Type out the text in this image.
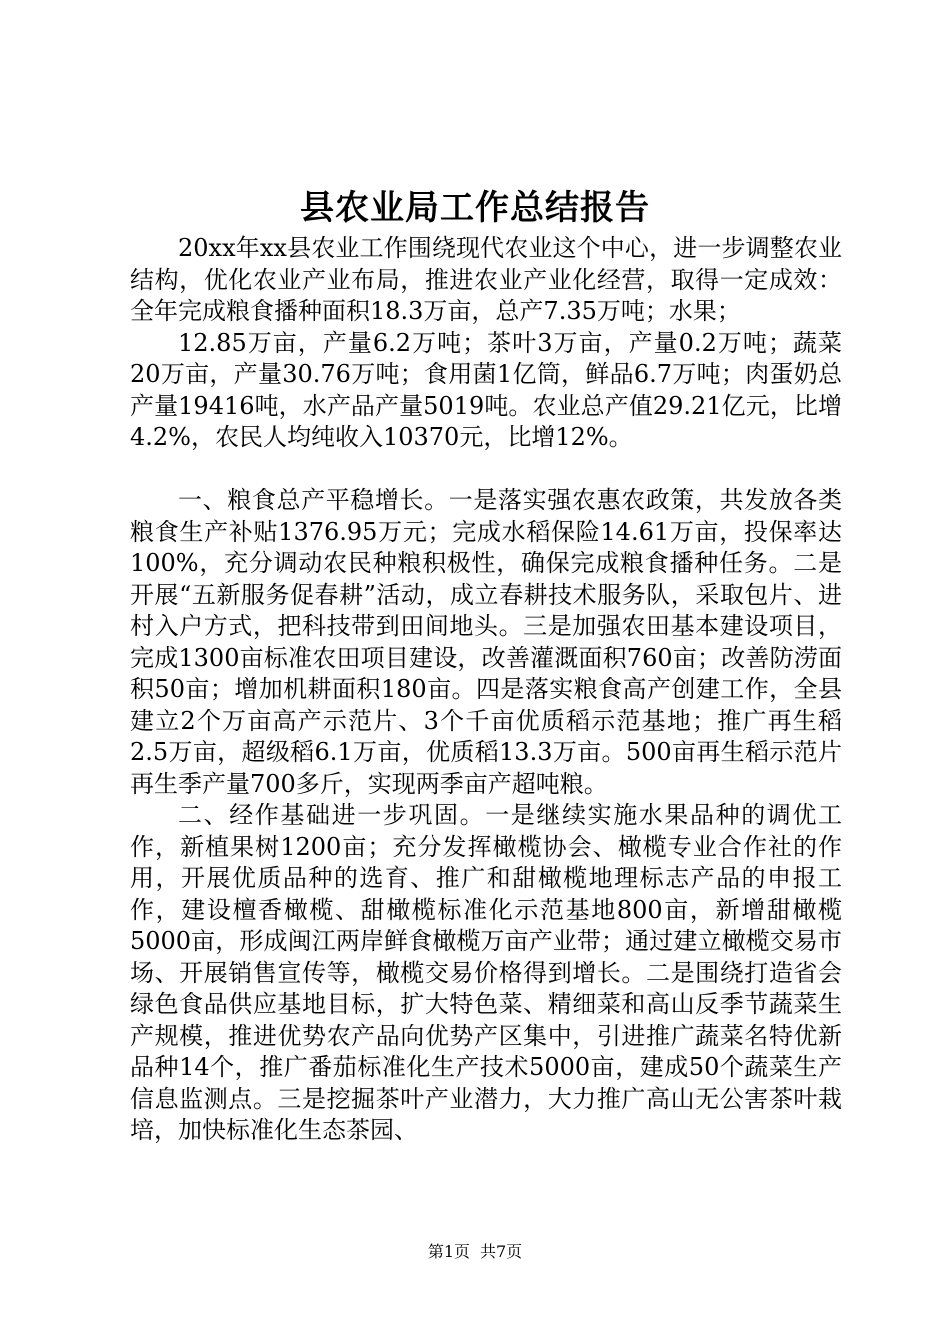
县农业局工作总结报告

20xx年xx县农业工作围绕现代农业这个中心，进一步调整农业结构，优化农业产业布局，推进农业产业化经营，取得一定成效：全年完成粮食播种面积18.3万亩，总产7.35万吨；水果；

12.85万亩，产量6.2万吨；茶叶3万亩，产量0.2万吨；蔬菜20万亩，产量30.76万吨；食用菌1亿筒，鲜品6.7万吨；肉蛋奶总产量19416吨，水产品产量5019吨。农业总产值29.21亿元，比增4.2%，农民人均纯收入10370元，比增12%。

一、粮食总产平稳增长。一是落实强农惠农政策，共发放各类粮食生产补贴1376.95万元；完成水稻保险14.61万亩，投保率达100%，充分调动农民种粮积极性，确保完成粮食播种任务。二是开展“五新服务促春耕”活动，成立春耕技术服务队，采取包片、进村入户方式，把科技带到田间地头。三是加强农田基本建设项目，完成1300亩标准农田项目建设，改善灌溉面积760亩；改善防涝面积50亩；增加机耕面积180亩。四是落实粮食高产创建工作，全县建立2个万亩高产示范片、3个千亩优质稻示范基地；推广再生稻2.5万亩，超级稻6.1万亩，优质稻13.3万亩。500亩再生稻示范片再生季产量700多斤，实现两季亩产超吨粮。

二、经作基础进一步巩固。一是继续实施水果品种的调优工作，新植果树1200亩；充分发挥橄榄协会、橄榄专业合作社的作用，开展优质品种的选育、推广和甜橄榄地理标志产品的申报工作，建设檀香橄榄、甜橄榄标准化示范基地800亩，新增甜橄榄5000亩，形成闽江两岸鲜食橄榄万亩产业带；通过建立橄榄交易市场、开展销售宣传等，橄榄交易价格得到增长。二是围绕打造省会绿色食品供应基地目标，扩大特色菜、精细菜和高山反季节蔬菜生产规模，推进优势农产品向优势产区集中，引进推广蔬菜名特优新品种14个，推广番茄标准化生产技术5000亩，建成50个蔬菜生产信息监测点。三是挖掘茶叶产业潜力，大力推广高山无公害茶叶栽培，加快标准化生态茶园、

第1页 共7页
